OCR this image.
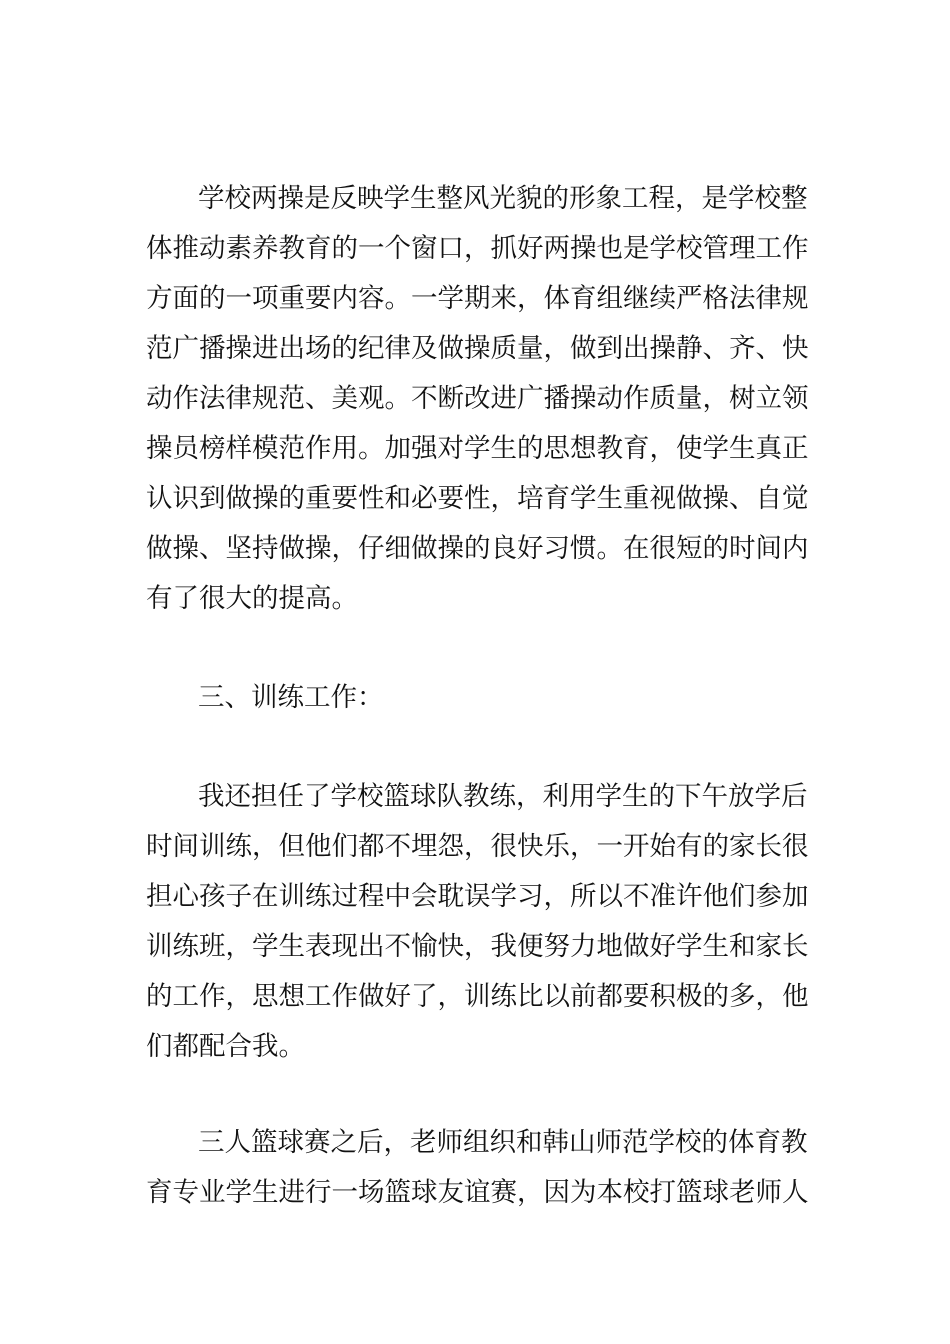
学校两操是反映学生整风光貌的形象工程，是学校整
体推动素养教育的一个窗口，抓好两操也是学校管理工作
方面的一项重要内容。一学期来，体育组继续严格法律规
范广播操进出场的纪律及做操质量，做到出操静、齐、快
动作法律规范、美观。不断改进广播操动作质量，树立领
操员榜样模范作用。加强对学生的思想教育，使学生真正
认识到做操的重要性和必要性，培育学生重视做操、自觉
做操、坚持做操，仔细做操的良好习惯。在很短的时间内
有了很大的提高。
三、训练工作：
我还担任了学校篮球队教练，利用学生的下午放学后
时间训练，但他们都不埋怨，很快乐，一开始有的家长很
担心孩子在训练过程中会耽误学习，所以不准许他们参加
训练班，学生表现出不愉快，我便努力地做好学生和家长
的工作，思想工作做好了，训练比以前都要积极的多，他
们都配合我。
三人篮球赛之后，老师组织和韩山师范学校的体育教
育专业学生进行一场篮球友谊赛，因为本校打篮球老师人
